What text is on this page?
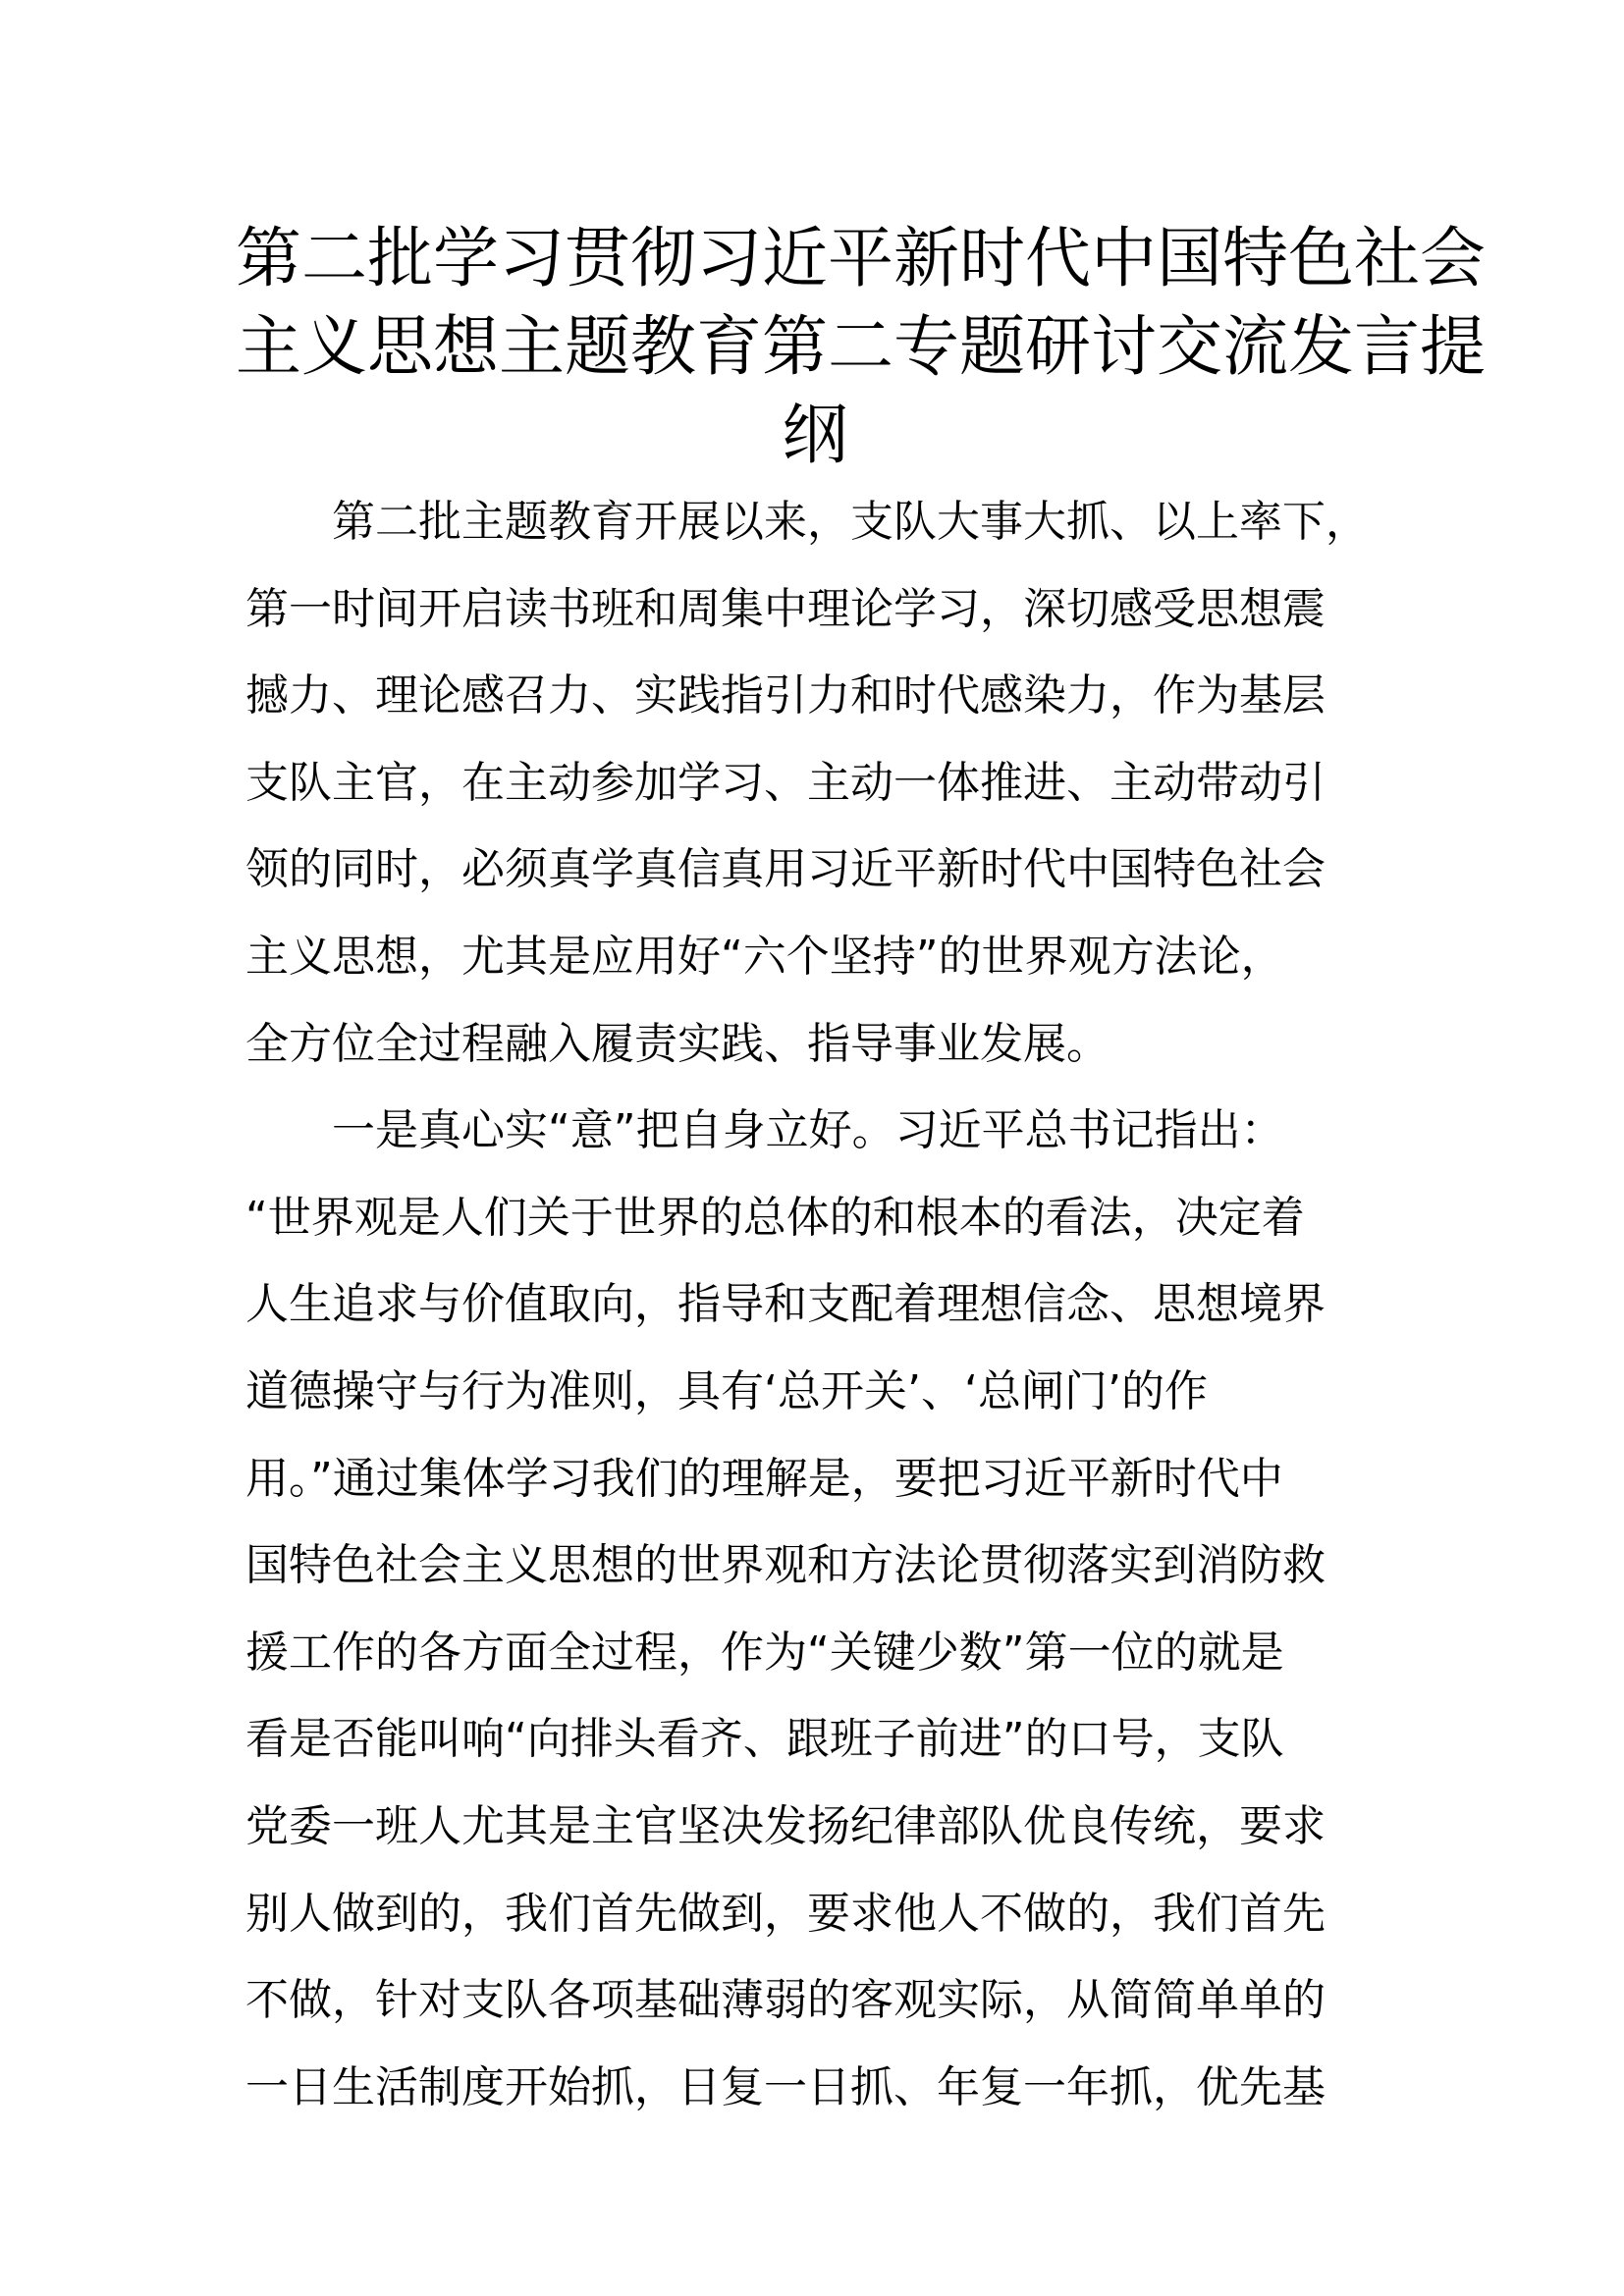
第二批学习贯彻习近平新时代中国特色社会
主义思想主题教育第二专题研讨交流发言提
纲

第二批主题教育开展以来，支队大事大抓、以上率下，
第一时间开启读书班和周集中理论学习，深切感受思想震
撼力、理论感召力、实践指引力和时代感染力，作为基层
支队主官，在主动参加学习、主动一体推进、主动带动引
领的同时，必须真学真信真用习近平新时代中国特色社会
主义思想，尤其是应用好“六个坚持”的世界观方法论，
全方位全过程融入履责实践、指导事业发展。

一是真心实“意”把自身立好。习近平总书记指出：
“世界观是人们关于世界的总体的和根本的看法，决定着
人生追求与价值取向，指导和支配着理想信念、思想境界
道德操守与行为准则，具有‘总开关’、‘总闸门’的作
用。”通过集体学习我们的理解是，要把习近平新时代中
国特色社会主义思想的世界观和方法论贯彻落实到消防救
援工作的各方面全过程，作为“关键少数”第一位的就是
看是否能叫响“向排头看齐、跟班子前进”的口号，支队
党委一班人尤其是主官坚决发扬纪律部队优良传统，要求
别人做到的，我们首先做到，要求他人不做的，我们首先
不做，针对支队各项基础薄弱的客观实际，从简简单单的
一日生活制度开始抓，日复一日抓、年复一年抓，优先基
